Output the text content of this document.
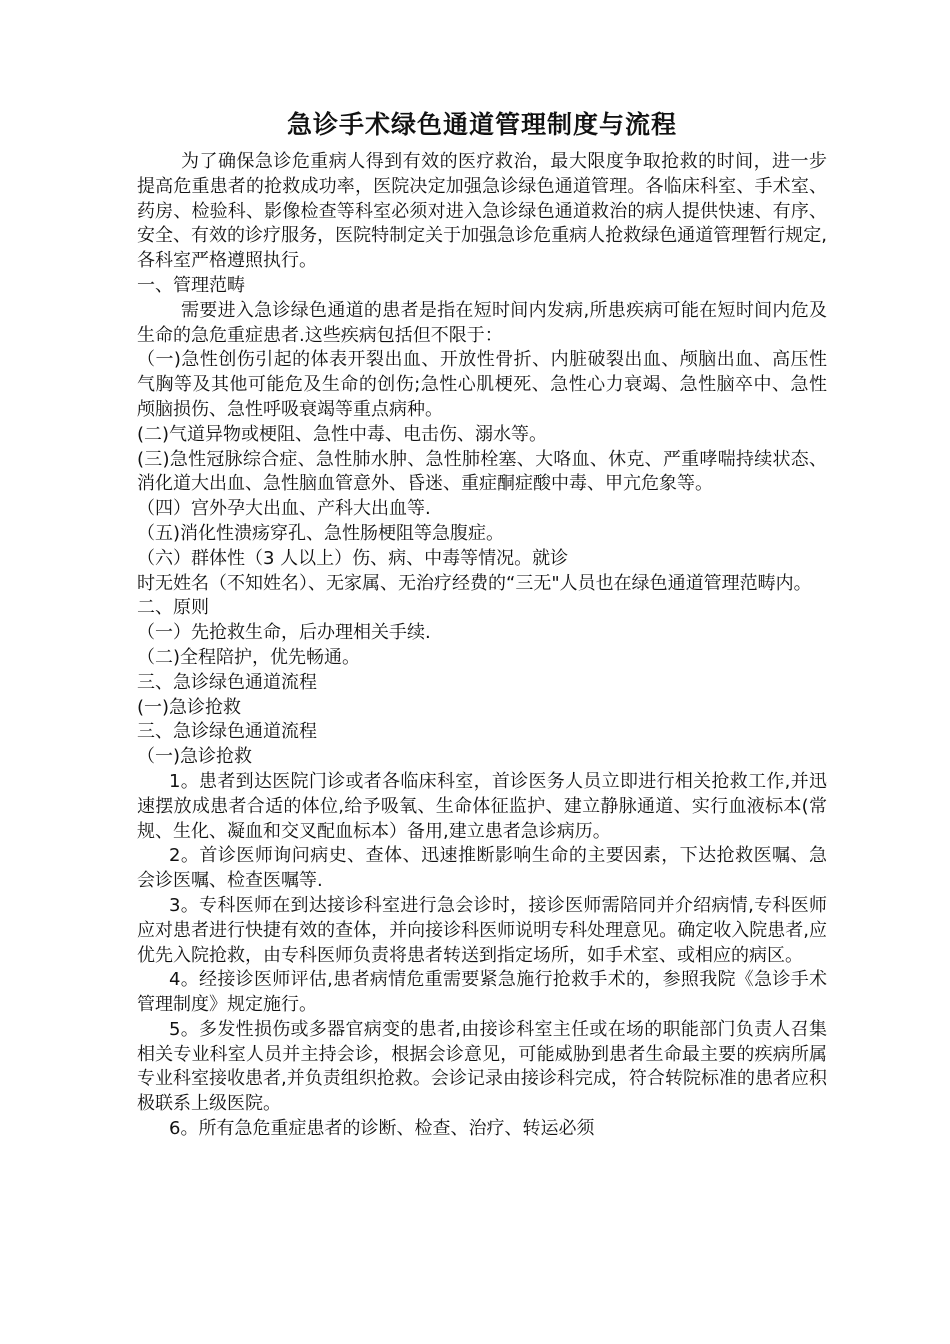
急诊手术绿色通道管理制度与流程

为了确保急诊危重病人得到有效的医疗救治，最大限度争取抢救的时间，进一步提高危重患者的抢救成功率，医院决定加强急诊绿色通道管理。各临床科室、手术室、药房、检验科、影像检查等科室必须对进入急诊绿色通道救治的病人提供快速、有序、安全、有效的诊疗服务，医院特制定关于加强急诊危重病人抢救绿色通道管理暂行规定,各科室严格遵照执行。

一、管理范畴

需要进入急诊绿色通道的患者是指在短时间内发病,所患疾病可能在短时间内危及生命的急危重症患者.这些疾病包括但不限于：

（一)急性创伤引起的体表开裂出血、开放性骨折、内脏破裂出血、颅脑出血、高压性气胸等及其他可能危及生命的创伤;急性心肌梗死、急性心力衰竭、急性脑卒中、急性颅脑损伤、急性呼吸衰竭等重点病种。

(二)气道异物或梗阻、急性中毒、电击伤、溺水等。

(三)急性冠脉综合症、急性肺水肿、急性肺栓塞、大咯血、休克、严重哮喘持续状态、消化道大出血、急性脑血管意外、昏迷、重症酮症酸中毒、甲亢危象等。

（四）宫外孕大出血、产科大出血等.

（五)消化性溃疡穿孔、急性肠梗阻等急腹症。

（六）群体性（3 人以上）伤、病、中毒等情况。就诊

时无姓名（不知姓名）、无家属、无治疗经费的“三无"人员也在绿色通道管理范畴内。

二、原则

（一）先抢救生命，后办理相关手续.

（二)全程陪护，优先畅通。

三、急诊绿色通道流程

(一)急诊抢救

三、急诊绿色通道流程

（一)急诊抢救

1。患者到达医院门诊或者各临床科室，首诊医务人员立即进行相关抢救工作,并迅速摆放成患者合适的体位,给予吸氧、生命体征监护、建立静脉通道、实行血液标本(常规、生化、凝血和交叉配血标本）备用,建立患者急诊病历。

2。首诊医师询问病史、查体、迅速推断影响生命的主要因素，下达抢救医嘱、急会诊医嘱、检查医嘱等.

3。专科医师在到达接诊科室进行急会诊时，接诊医师需陪同并介绍病情,专科医师应对患者进行快捷有效的查体，并向接诊科医师说明专科处理意见。确定收入院患者,应优先入院抢救，由专科医师负责将患者转送到指定场所，如手术室、或相应的病区。

4。经接诊医师评估,患者病情危重需要紧急施行抢救手术的，参照我院《急诊手术管理制度》规定施行。

5。多发性损伤或多器官病变的患者,由接诊科室主任或在场的职能部门负责人召集相关专业科室人员并主持会诊，根据会诊意见，可能威胁到患者生命最主要的疾病所属专业科室接收患者,并负责组织抢救。会诊记录由接诊科完成，符合转院标准的患者应积极联系上级医院。

6。所有急危重症患者的诊断、检查、治疗、转运必须
